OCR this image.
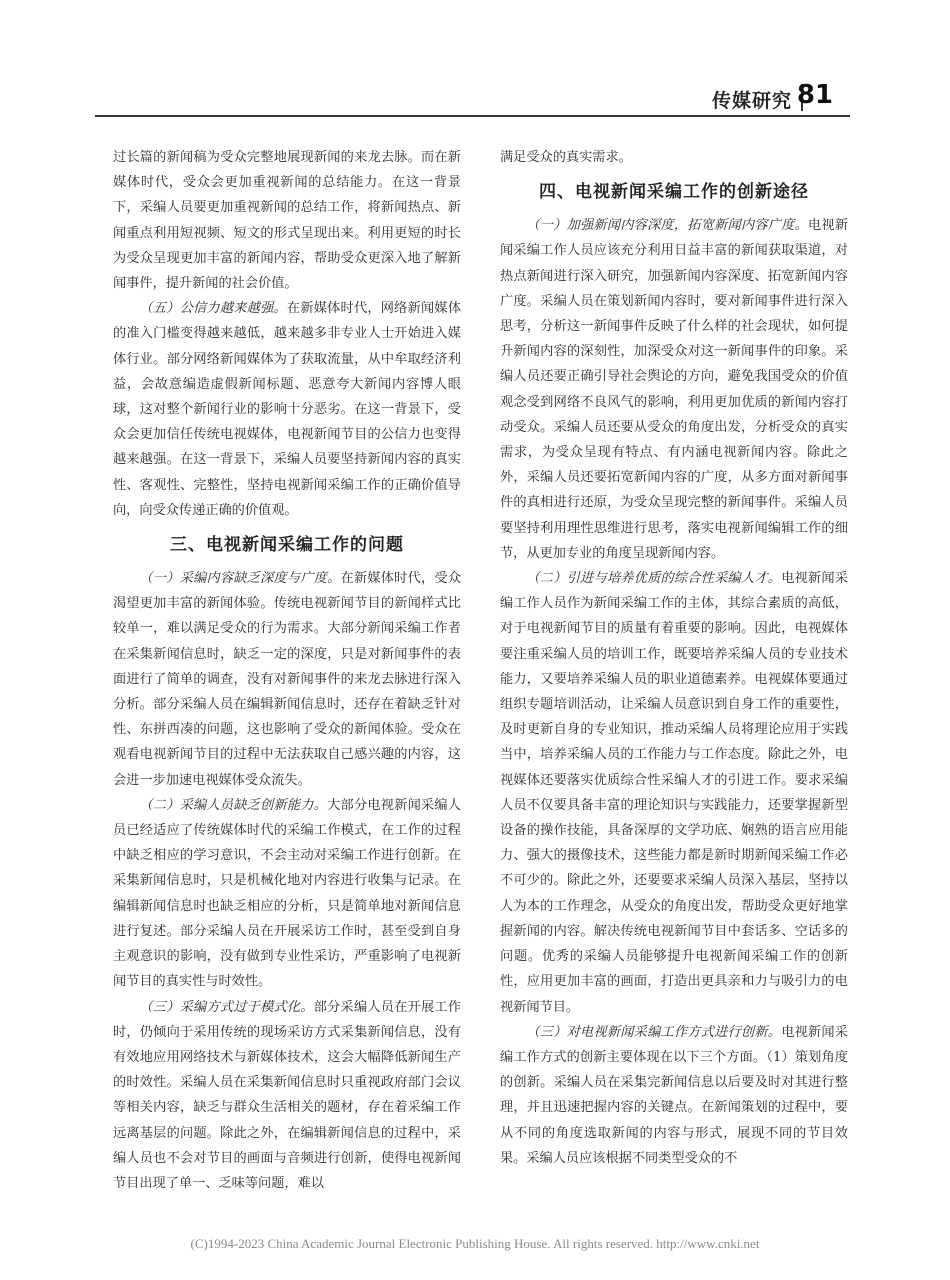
传媒研究 81

过长篇的新闻稿为受众完整地展现新闻的来龙去脉。而在新媒体时代，受众会更加重视新闻的总结能力。在这一背景下，采编人员要更加重视新闻的总结工作，将新闻热点、新闻重点利用短视频、短文的形式呈现出来。利用更短的时长为受众呈现更加丰富的新闻内容，帮助受众更深入地了解新闻事件，提升新闻的社会价值。

（五）公信力越来越强。在新媒体时代，网络新闻媒体的准入门槛变得越来越低，越来越多非专业人士开始进入媒体行业。部分网络新闻媒体为了获取流量，从中牟取经济利益，会故意编造虚假新闻标题、恶意夸大新闻内容博人眼球，这对整个新闻行业的影响十分恶劣。在这一背景下，受众会更加信任传统电视媒体，电视新闻节目的公信力也变得越来越强。在这一背景下，采编人员要坚持新闻内容的真实性、客观性、完整性，坚持电视新闻采编工作的正确价值导向，向受众传递正确的价值观。

三、电视新闻采编工作的问题

（一）采编内容缺乏深度与广度。在新媒体时代，受众渴望更加丰富的新闻体验。传统电视新闻节目的新闻样式比较单一，难以满足受众的行为需求。大部分新闻采编工作者在采集新闻信息时，缺乏一定的深度，只是对新闻事件的表面进行了简单的调查，没有对新闻事件的来龙去脉进行深入分析。部分采编人员在编辑新闻信息时，还存在着缺乏针对性、东拼西凑的问题，这也影响了受众的新闻体验。受众在观看电视新闻节目的过程中无法获取自己感兴趣的内容，这会进一步加速电视媒体受众流失。

（二）采编人员缺乏创新能力。大部分电视新闻采编人员已经适应了传统媒体时代的采编工作模式，在工作的过程中缺乏相应的学习意识，不会主动对采编工作进行创新。在采集新闻信息时，只是机械化地对内容进行收集与记录。在编辑新闻信息时也缺乏相应的分析，只是简单地对新闻信息进行复述。部分采编人员在开展采访工作时，甚至受到自身主观意识的影响，没有做到专业性采访，严重影响了电视新闻节目的真实性与时效性。

（三）采编方式过于模式化。部分采编人员在开展工作时，仍倾向于采用传统的现场采访方式采集新闻信息，没有有效地应用网络技术与新媒体技术，这会大幅降低新闻生产的时效性。采编人员在采集新闻信息时只重视政府部门会议等相关内容，缺乏与群众生活相关的题材，存在着采编工作远离基层的问题。除此之外，在编辑新闻信息的过程中，采编人员也不会对节目的画面与音频进行创新，使得电视新闻节目出现了单一、乏味等问题，难以

满足受众的真实需求。

四、电视新闻采编工作的创新途径

（一）加强新闻内容深度，拓宽新闻内容广度。电视新闻采编工作人员应该充分利用日益丰富的新闻获取渠道，对热点新闻进行深入研究，加强新闻内容深度、拓宽新闻内容广度。采编人员在策划新闻内容时，要对新闻事件进行深入思考，分析这一新闻事件反映了什么样的社会现状，如何提升新闻内容的深刻性，加深受众对这一新闻事件的印象。采编人员还要正确引导社会舆论的方向，避免我国受众的价值观念受到网络不良风气的影响，利用更加优质的新闻内容打动受众。采编人员还要从受众的角度出发，分析受众的真实需求，为受众呈现有特点、有内涵电视新闻内容。除此之外，采编人员还要拓宽新闻内容的广度，从多方面对新闻事件的真相进行还原，为受众呈现完整的新闻事件。采编人员要坚持利用理性思维进行思考，落实电视新闻编辑工作的细节，从更加专业的角度呈现新闻内容。

（二）引进与培养优质的综合性采编人才。电视新闻采编工作人员作为新闻采编工作的主体，其综合素质的高低，对于电视新闻节目的质量有着重要的影响。因此，电视媒体要注重采编人员的培训工作，既要培养采编人员的专业技术能力，又要培养采编人员的职业道德素养。电视媒体要通过组织专题培训活动，让采编人员意识到自身工作的重要性，及时更新自身的专业知识，推动采编人员将理论应用于实践当中，培养采编人员的工作能力与工作态度。除此之外，电视媒体还要落实优质综合性采编人才的引进工作。要求采编人员不仅要具备丰富的理论知识与实践能力，还要掌握新型设备的操作技能，具备深厚的文学功底、娴熟的语言应用能力、强大的摄像技术，这些能力都是新时期新闻采编工作必不可少的。除此之外，还要要求采编人员深入基层，坚持以人为本的工作理念，从受众的角度出发，帮助受众更好地掌握新闻的内容。解决传统电视新闻节目中套话多、空话多的问题。优秀的采编人员能够提升电视新闻采编工作的创新性，应用更加丰富的画面，打造出更具亲和力与吸引力的电视新闻节目。

（三）对电视新闻采编工作方式进行创新。电视新闻采编工作方式的创新主要体现在以下三个方面。（1）策划角度的创新。采编人员在采集完新闻信息以后要及时对其进行整理，并且迅速把握内容的关键点。在新闻策划的过程中，要从不同的角度选取新闻的内容与形式，展现不同的节目效果。采编人员应该根据不同类型受众的不

(C)1994-2023 China Academic Journal Electronic Publishing House. All rights reserved. http://www.cnki.net
